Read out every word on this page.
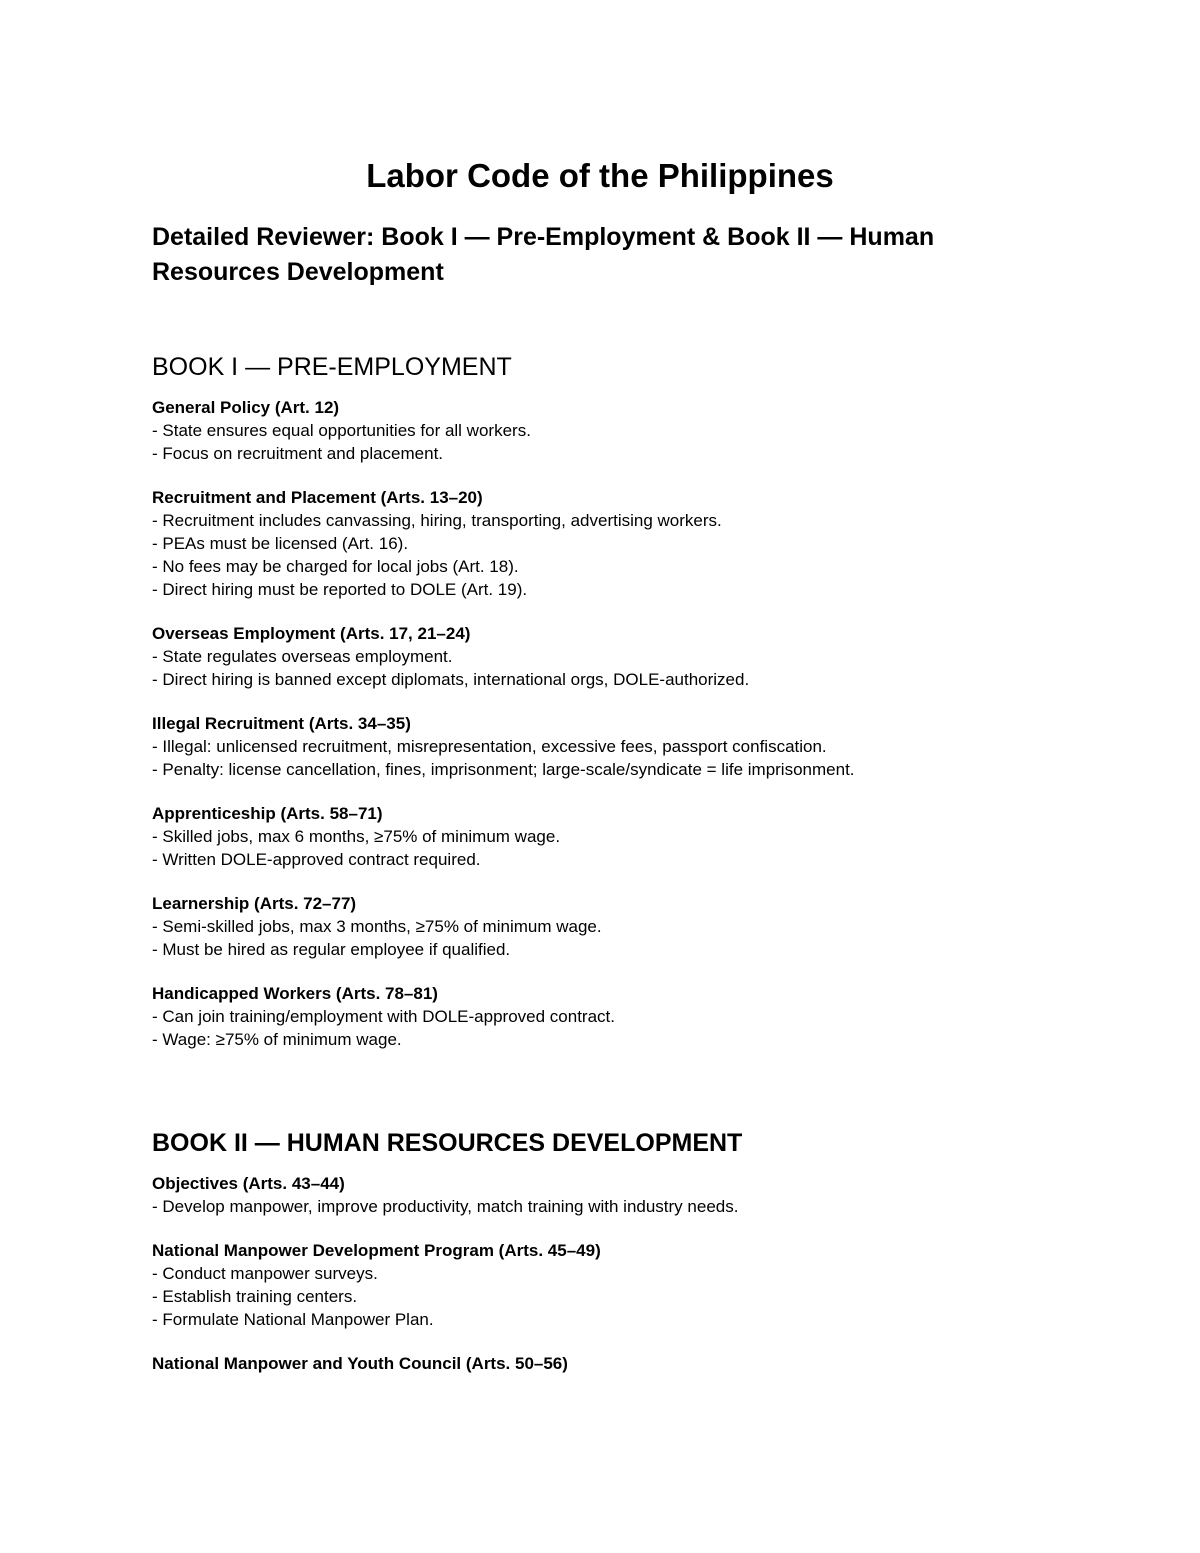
Labor Code of the Philippines
Detailed Reviewer: Book I — Pre-Employment & Book II — Human Resources Development
BOOK I — PRE-EMPLOYMENT

General Policy (Art. 12)

- State ensures equal opportunities for all workers.

- Focus on recruitment and placement.

Recruitment and Placement (Arts. 13–20)

- Recruitment includes canvassing, hiring, transporting, advertising workers.

- PEAs must be licensed (Art. 16).

- No fees may be charged for local jobs (Art. 18).

- Direct hiring must be reported to DOLE (Art. 19).

Overseas Employment (Arts. 17, 21–24)

- State regulates overseas employment.

- Direct hiring is banned except diplomats, international orgs, DOLE-authorized.

Illegal Recruitment (Arts. 34–35)

- Illegal: unlicensed recruitment, misrepresentation, excessive fees, passport confiscation.

- Penalty: license cancellation, fines, imprisonment; large-scale/syndicate = life imprisonment.

Apprenticeship (Arts. 58–71)

- Skilled jobs, max 6 months, ≥75% of minimum wage.

- Written DOLE-approved contract required.

Learnership (Arts. 72–77)

- Semi-skilled jobs, max 3 months, ≥75% of minimum wage.

- Must be hired as regular employee if qualified.

Handicapped Workers (Arts. 78–81)

- Can join training/employment with DOLE-approved contract.

- Wage: ≥75% of minimum wage.

BOOK II — HUMAN RESOURCES DEVELOPMENT

Objectives (Arts. 43–44)

- Develop manpower, improve productivity, match training with industry needs.

National Manpower Development Program (Arts. 45–49)

- Conduct manpower surveys.

- Establish training centers.

- Formulate National Manpower Plan.

National Manpower and Youth Council (Arts. 50–56)
